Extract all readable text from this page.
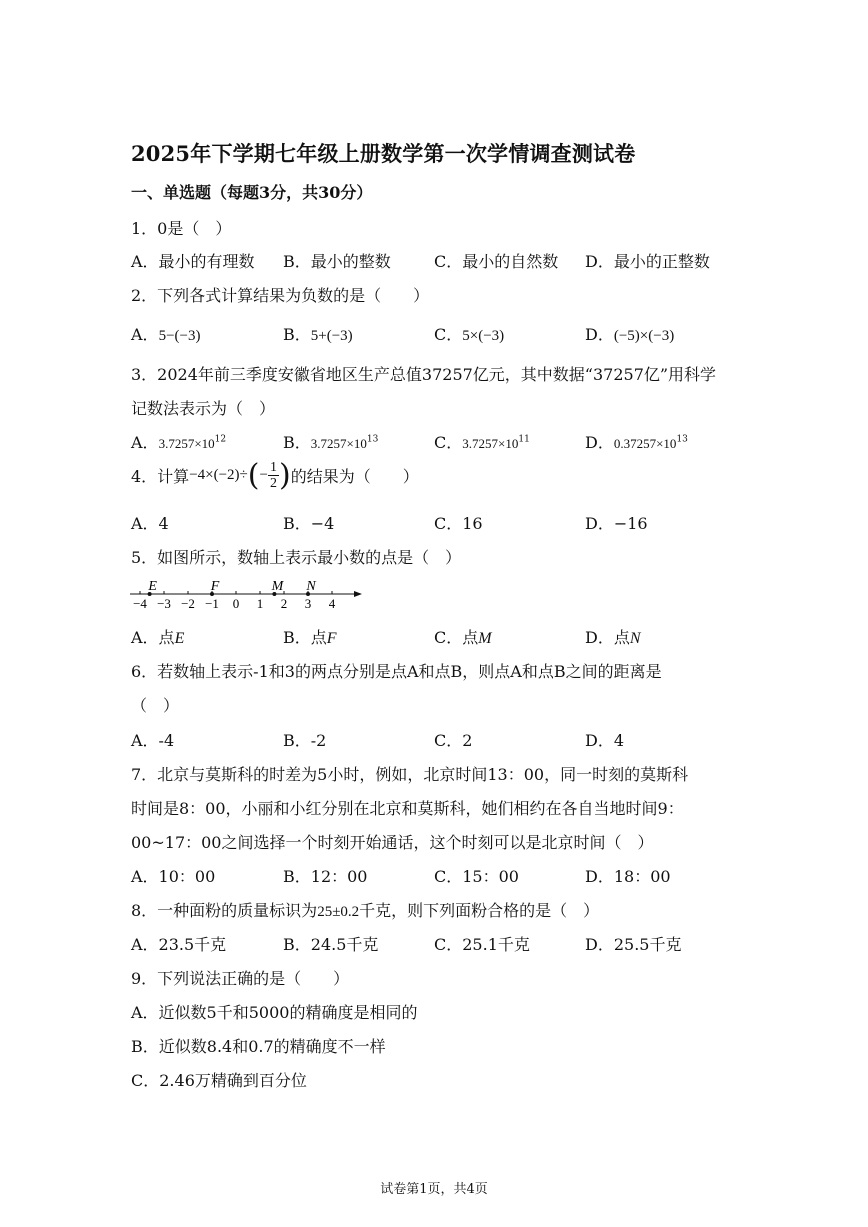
2025年下学期七年级上册数学第一次学情调查测试卷
一、单选题（每题3分，共30分）
1．0是（　）
A．最小的有理数 B．最小的整数	C．最小的自然数 D．最小的正整数
2．下列各式计算结果为负数的是（　　）
A．5−(−3)	B．5+(−3)	C．5×(−3)	D．(−5)×(−3)
3．2024年前三季度安徽省地区生产总值37257亿元，其中数据“37257亿”用科学
记数法表示为（　）
A．$3.7257\times 10^{12}$	B．$3.7257\times 10^{13}$	C．$3.7257\times 10^{11}$	D．$0.37257\times 10^{13}$
4．计算 −4×(−2)÷ ( − $\frac{1}{2}$ ) 的结果为（　　）
A．4	B．−4	C．16	D．−16
5．如图所示，数轴上表示最小数的点是（　）
−4 −3 −2 −1 0 1 2 3 4
E	F	M N
A．点E	B．点F	C．点M	D．点N
6．若数轴上表示-1和3的两点分别是点A和点B，则点A和点B之间的距离是
（　）
A．-4	B．-2	C．2	D．4
7．北京与莫斯科的时差为5小时，例如，北京时间13：00，同一时刻的莫斯科
时间是8：00，小丽和小红分别在北京和莫斯科，她们相约在各自当地时间9：
00~17：00之间选择一个时刻开始通话，这个时刻可以是北京时间（　）
A．10：00	B．12：00	C．15：00	D．18：00
8．一种面粉的质量标识为25±0.2千克，则下列面粉合格的是（　）
A．23.5千克	B．24.5千克	C．25.1千克	D．25.5千克
9．下列说法正确的是（　　）
A．近似数5千和5000的精确度是相同的
B．近似数8.4和0.7的精确度不一样
C．2.46万精确到百分位
试卷第1页，共4页
